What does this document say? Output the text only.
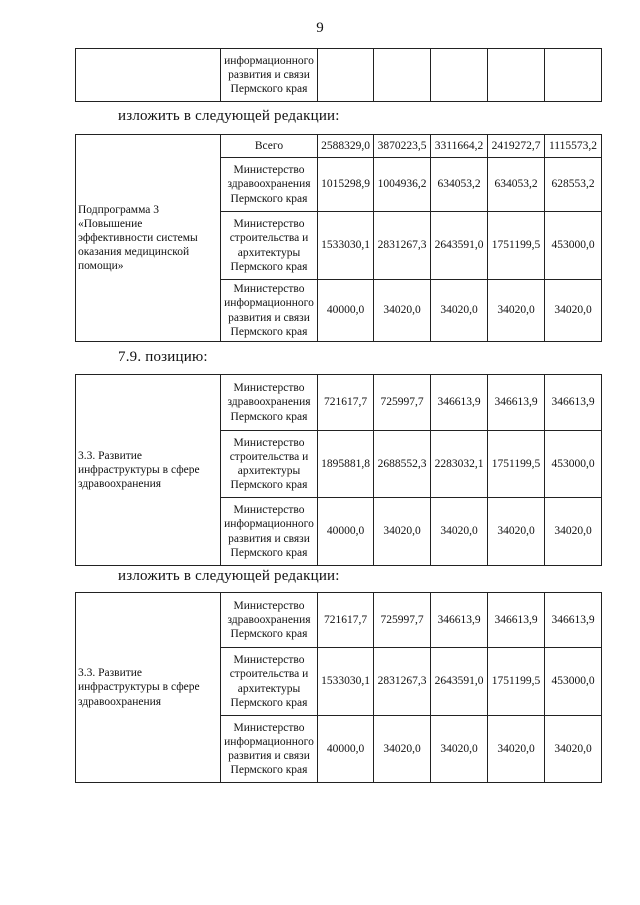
9
	информационного развития и связи Пермского края					
изложить в следующей редакции:
Подпрограмма 3 «Повышение эффективности системы оказания медицинской помощи»	Всего	2588329,0	3870223,5	3311664,2	2419272,7	1115573,2
	Министерство здравоохранения Пермского края	1015298,9	1004936,2	634053,2	634053,2	628553,2
	Министерство строительства и архитектуры Пермского края	1533030,1	2831267,3	2643591,0	1751199,5	453000,0
	Министерство информационного развития и связи Пермского края	40000,0	34020,0	34020,0	34020,0	34020,0
7.9. позицию:
3.3. Развитие инфраструктуры в сфере здравоохранения	Министерство здравоохранения Пермского края	721617,7	725997,7	346613,9	346613,9	346613,9
	Министерство строительства и архитектуры Пермского края	1895881,8	2688552,3	2283032,1	1751199,5	453000,0
	Министерство информационного развития и связи Пермского края	40000,0	34020,0	34020,0	34020,0	34020,0
изложить в следующей редакции:
3.3. Развитие инфраструктуры в сфере здравоохранения	Министерство здравоохранения Пермского края	721617,7	725997,7	346613,9	346613,9	346613,9
	Министерство строительства и архитектуры Пермского края	1533030,1	2831267,3	2643591,0	1751199,5	453000,0
	Министерство информационного развития и связи Пермского края	40000,0	34020,0	34020,0	34020,0	34020,0
